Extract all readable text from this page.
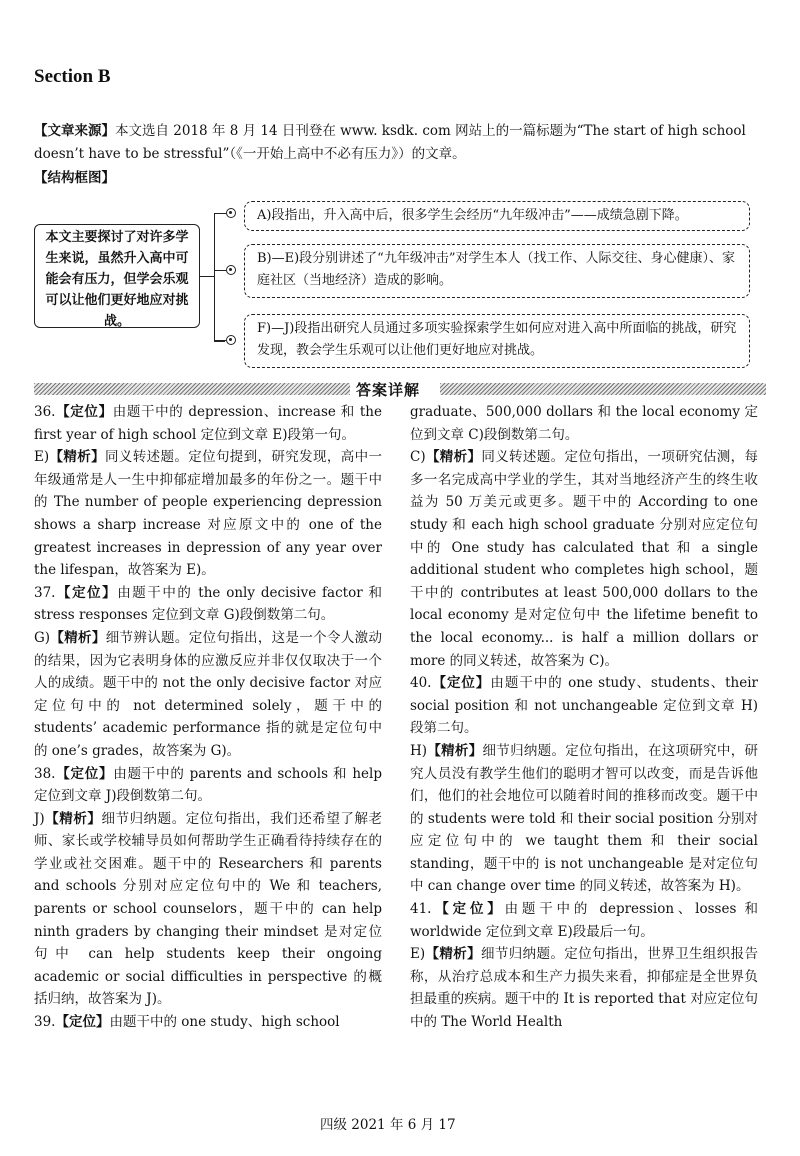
Section B
【文章来源】本文选自 2018 年 8 月 14 日刊登在 www. ksdk. com 网站上的一篇标题为“The start of high school doesn’t have to be stressful”（《一开始上高中不必有压力》）的文章。
【结构框图】
本文主要探讨了对许多学生来说，虽然升入高中可能会有压力，但学会乐观可以让他们更好地应对挑战。
A)段指出，升入高中后，很多学生会经历“九年级冲击”——成绩急剧下降。
B)—E)段分别讲述了“九年级冲击”对学生本人（找工作、人际交往、身心健康）、家庭社区（当地经济）造成的影响。
F)—J)段指出研究人员通过多项实验探索学生如何应对进入高中所面临的挑战，研究发现，教会学生乐观可以让他们更好地应对挑战。
答案详解

36.【定位】由题干中的 depression、increase 和 the first year of high school 定位到文章 E)段第一句。

E)【精析】同义转述题。定位句提到，研究发现，高中一年级通常是人一生中抑郁症增加最多的年份之一。题干中的 The number of people experiencing depression shows a sharp increase 对应原文中的 one of the greatest increases in depression of any year over the lifespan，故答案为 E)。

37.【定位】由题干中的 the only decisive factor 和 stress responses 定位到文章 G)段倒数第二句。

G)【精析】细节辨认题。定位句指出，这是一个令人激动的结果，因为它表明身体的应激反应并非仅仅取决于一个人的成绩。题干中的 not the only decisive factor 对应定位句中的 not determined solely，题干中的 students’ academic performance 指的就是定位句中的 one’s grades，故答案为 G)。

38.【定位】由题干中的 parents and schools 和 help 定位到文章 J)段倒数第二句。

J)【精析】细节归纳题。定位句指出，我们还希望了解老师、家长或学校辅导员如何帮助学生正确看待持续存在的学业或社交困难。题干中的 Researchers 和 parents and schools 分别对应定位句中的 We 和 teachers, parents or school counselors，题干中的 can help ninth graders by changing their mindset 是对定位句中 can help students keep their ongoing academic or social difficulties in perspective 的概括归纳，故答案为 J)。

39.【定位】由题干中的 one study、high school

graduate、500,000 dollars 和 the local economy 定位到文章 C)段倒数第二句。

C)【精析】同义转述题。定位句指出，一项研究估测，每多一名完成高中学业的学生，其对当地经济产生的终生收益为 50 万美元或更多。题干中的 According to one study 和 each high school graduate 分别对应定位句中的 One study has calculated that 和 a single additional student who completes high school，题干中的 contributes at least 500,000 dollars to the local economy 是对定位句中 the lifetime benefit to the local economy... is half a million dollars or more 的同义转述，故答案为 C)。

40.【定位】由题干中的 one study、students、their social position 和 not unchangeable 定位到文章 H)段第二句。

H)【精析】细节归纳题。定位句指出，在这项研究中，研究人员没有教学生他们的聪明才智可以改变，而是告诉他们，他们的社会地位可以随着时间的推移而改变。题干中的 students were told 和 their social position 分别对应定位句中的 we taught them 和 their social standing，题干中的 is not unchangeable 是对定位句中 can change over time 的同义转述，故答案为 H)。

41.【定位】由题干中的 depression、losses 和 worldwide 定位到文章 E)段最后一句。

E)【精析】细节归纳题。定位句指出，世界卫生组织报告称，从治疗总成本和生产力损失来看，抑郁症是全世界负担最重的疾病。题干中的 It is reported that 对应定位句中的 The World Health

四级 2021 年 6 月 17
